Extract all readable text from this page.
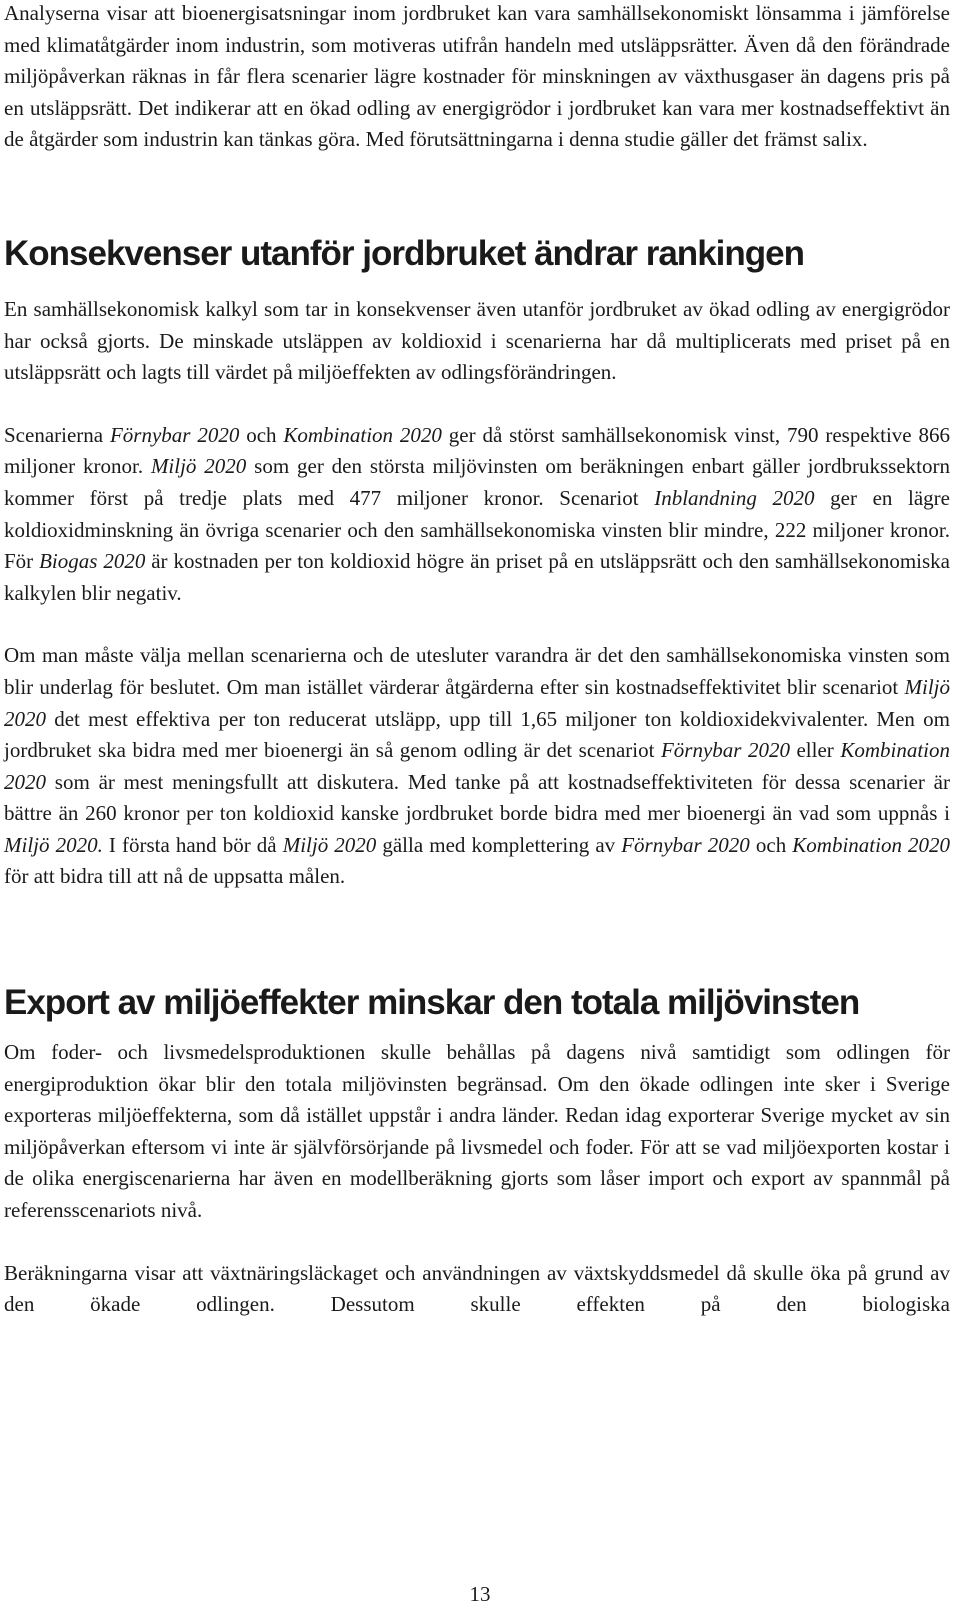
Analyserna visar att bioenergisatsningar inom jordbruket kan vara samhällsekonomiskt lönsamma i jämförelse med klimatåtgärder inom industrin, som motiveras utifrån handeln med utsläppsrätter. Även då den förändrade miljöpåverkan räknas in får flera scenarier lägre kostnader för minskningen av växthusgaser än dagens pris på en utsläppsrätt. Det indikerar att en ökad odling av energigrödor i jordbruket kan vara mer kostnadseffektivt än de åtgärder som industrin kan tänkas göra. Med förutsättningarna i denna studie gäller det främst salix.

Konsekvenser utanför jordbruket ändrar rankingen

En samhällsekonomisk kalkyl som tar in konsekvenser även utanför jordbruket av ökad odling av energigrödor har också gjorts. De minskade utsläppen av koldioxid i scenarierna har då multiplicerats med priset på en utsläppsrätt och lagts till värdet på miljöeffekten av odlingsförändringen.

Scenarierna Förnybar 2020 och Kombination 2020 ger då störst samhällsekonomisk vinst, 790 respektive 866 miljoner kronor. Miljö 2020 som ger den största miljövinsten om beräkningen enbart gäller jordbrukssektorn kommer först på tredje plats med 477 miljoner kronor. Scenariot Inblandning 2020 ger en lägre koldioxidminskning än övriga scenarier och den samhällsekonomiska vinsten blir mindre, 222 miljoner kronor. För Biogas 2020 är kostnaden per ton koldioxid högre än priset på en utsläppsrätt och den samhällsekonomiska kalkylen blir negativ.

Om man måste välja mellan scenarierna och de utesluter varandra är det den samhällsekonomiska vinsten som blir underlag för beslutet. Om man istället värderar åtgärderna efter sin kostnadseffektivitet blir scenariot Miljö 2020 det mest effektiva per ton reducerat utsläpp, upp till 1,65 miljoner ton koldioxidekvivalenter. Men om jordbruket ska bidra med mer bioenergi än så genom odling är det scenariot Förnybar 2020 eller Kombination 2020 som är mest meningsfullt att diskutera. Med tanke på att kostnadseffektiviteten för dessa scenarier är bättre än 260 kronor per ton koldioxid kanske jordbruket borde bidra med mer bioenergi än vad som uppnås i Miljö 2020. I första hand bör då Miljö 2020 gälla med komplettering av Förnybar 2020 och Kombination 2020 för att bidra till att nå de uppsatta målen.

Export av miljöeffekter minskar den totala miljövinsten

Om foder- och livsmedelsproduktionen skulle behållas på dagens nivå samtidigt som odlingen för energiproduktion ökar blir den totala miljövinsten begränsad. Om den ökade odlingen inte sker i Sverige exporteras miljöeffekterna, som då istället uppstår i andra länder. Redan idag exporterar Sverige mycket av sin miljöpåverkan eftersom vi inte är självförsörjande på livsmedel och foder. För att se vad miljöexporten kostar i de olika energiscenarierna har även en modellberäkning gjorts som låser import och export av spannmål på referensscenariots nivå.

Beräkningarna visar att växtnäringsläckaget och användningen av växtskyddsmedel då skulle öka på grund av den ökade odlingen. Dessutom skulle effekten på den biologiska

13
